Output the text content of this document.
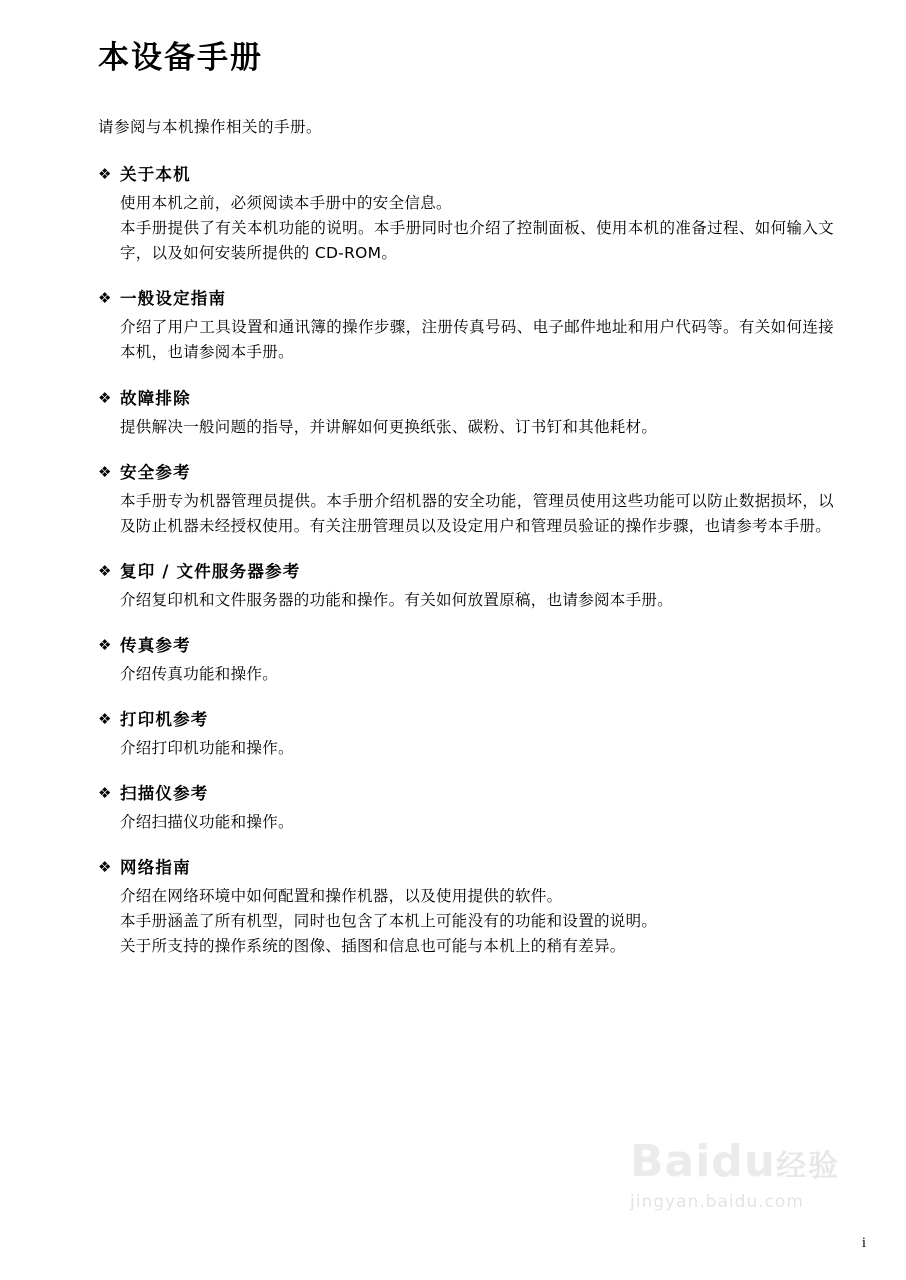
本设备手册

请参阅与本机操作相关的手册。

❖ 关于本机

使用本机之前，必须阅读本手册中的安全信息。

本手册提供了有关本机功能的说明。本手册同时也介绍了控制面板、使用本机的准备过程、如何输入文字，以及如何安装所提供的 CD-ROM。

❖ 一般设定指南

介绍了用户工具设置和通讯簿的操作步骤，注册传真号码、电子邮件地址和用户代码等。有关如何连接本机，也请参阅本手册。

❖ 故障排除

提供解决一般问题的指导，并讲解如何更换纸张、碳粉、订书钉和其他耗材。

❖ 安全参考

本手册专为机器管理员提供。本手册介绍机器的安全功能，管理员使用这些功能可以防止数据损坏，以及防止机器未经授权使用。有关注册管理员以及设定用户和管理员验证的操作步骤，也请参考本手册。

❖ 复印 / 文件服务器参考

介绍复印机和文件服务器的功能和操作。有关如何放置原稿，也请参阅本手册。

❖ 传真参考

介绍传真功能和操作。

❖ 打印机参考

介绍打印机功能和操作。

❖ 扫描仪参考

介绍扫描仪功能和操作。

❖ 网络指南

介绍在网络环境中如何配置和操作机器，以及使用提供的软件。

本手册涵盖了所有机型，同时也包含了本机上可能没有的功能和设置的说明。

关于所支持的操作系统的图像、插图和信息也可能与本机上的稍有差异。

Baidu经验
jingyan.baidu.com
i
